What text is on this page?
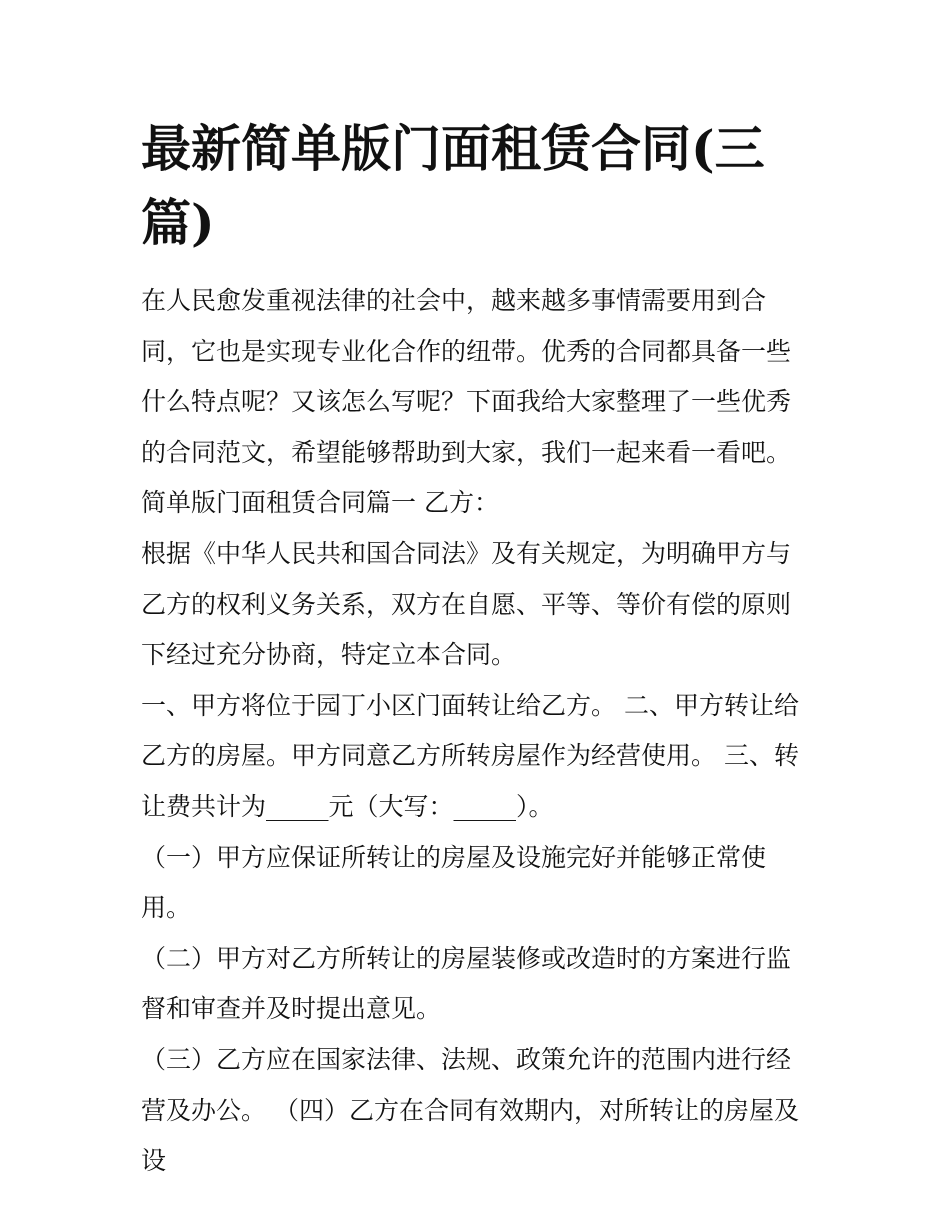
最新简单版门面租赁合同(三篇)

在人民愈发重视法律的社会中，越来越多事情需要用到合同，它也是实现专业化合作的纽带。优秀的合同都具备一些什么特点呢？又该怎么写呢？下面我给大家整理了一些优秀的合同范文，希望能够帮助到大家，我们一起来看一看吧。

简单版门面租赁合同篇一 乙方：

根据《中华人民共和国合同法》及有关规定，为明确甲方与乙方的权利义务关系，双方在自愿、平等、等价有偿的原则下经过充分协商，特定立本合同。

一、甲方将位于园丁小区门面转让给乙方。 二、甲方转让给乙方的房屋。甲方同意乙方所转房屋作为经营使用。 三、转让费共计为_____元（大写：_____）。

（一）甲方应保证所转让的房屋及设施完好并能够正常使用。

（二）甲方对乙方所转让的房屋装修或改造时的方案进行监督和审查并及时提出意见。

（三）乙方应在国家法律、法规、政策允许的范围内进行经营及办公。 （四）乙方在合同有效期内，对所转让的房屋及设
